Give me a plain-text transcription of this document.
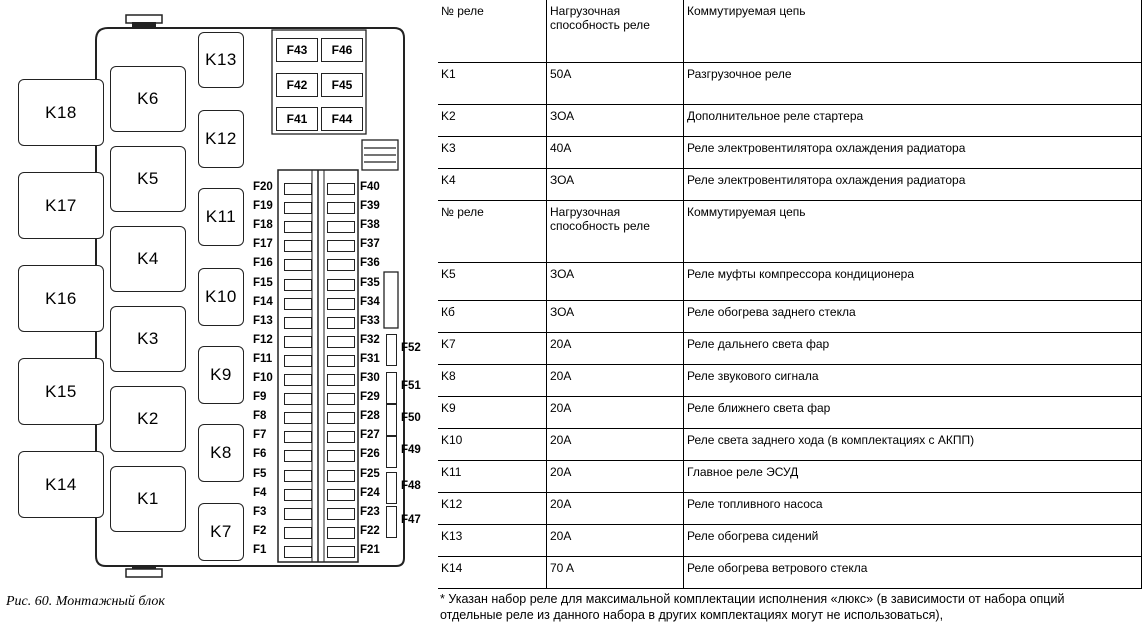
K18
K17
K16
K15
K14
K6
K5
K4
K3
K2
K1
K13
K12
K11
K10
K9
K8
K7
F43
F42
F41
F46
F45
F44
Рис. 60. Монтажный блок
F20
F19
F18
F17
F16
F15
F14
F13
F12
F11
F10
F9
F8
F7
F6
F5
F4
F3
F2
F1
F40
F39
F38
F37
F36
F35
F34
F33
F32
F31
F30
F29
F28
F27
F26
F25
F24
F23
F22
F21
F52
F51
F50
F49
F48
F47
№ реле	Нагрузочная способность реле	Коммутируемая цепь
K1	50A	Разгрузочное реле
K2	ЗОА	Дополнительное реле стартера
K3	40A	Реле электровентилятора охлаждения радиатора
K4	ЗОА	Реле электровентилятора охлаждения радиатора
№ реле	Нагрузочная способность реле	Коммутируемая цепь
K5	ЗОА	Реле муфты компрессора кондиционера
Кб	ЗОА	Реле обогрева заднего стекла
K7	20A	Реле дальнего света фар
K8	20A	Реле звукового сигнала
K9	20A	Реле ближнего света фар
K10	20A	Реле света заднего хода (в комплектациях с АКПП)
K11	20A	Главное реле ЭСУД
K12	20A	Реле топливного насоса
K13	20A	Реле обогрева сидений
K14	70 A	Реле обогрева ветрового стекла
* Указан набор реле для максимальной комплектации исполнения «люкс» (в зависимости от набора опций
отдельные реле из данного набора в других комплектациях могут не использоваться),
